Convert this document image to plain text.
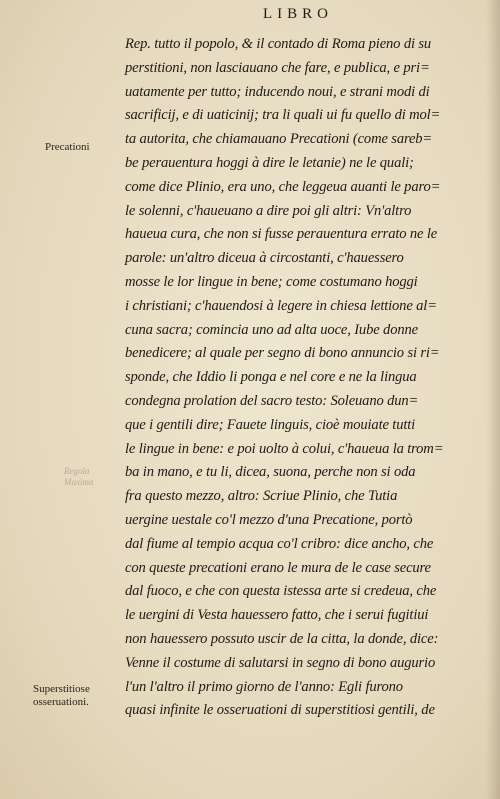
LIBRO
Precationi
Regola
Maxima
Superstitiose
osseruationi.
Rep. tutto il popolo, & il contado di Roma pieno di su
perstitioni, non lasciauano che fare, e publica, e pri=
uatamente per tutto; inducendo noui, e strani modi di
sacrificij, e di uaticinij; tra li quali ui fu quello di mol=
ta autorita, che chiamauano Precationi (come sareb=
be perauentura hoggi à dire le letanie) ne le quali;
come dice Plinio, era uno, che leggeua auanti le paro=
le solenni, c'haueuano a dire poi gli altri: Vn'altro
haueua cura, che non si fusse perauentura errato ne le
parole: un'altro diceua à circostanti, c'hauessero
mosse le lor lingue in bene; come costumano hoggi
i christiani; c'hauendosi à legere in chiesa lettione al=
cuna sacra; comincia uno ad alta uoce, Iube donne
benedicere; al quale per segno di bono annuncio si ri=
sponde, che Iddio li ponga e nel core e ne la lingua
condegna prolation del sacro testo: Soleuano dun=
que i gentili dire; Fauete linguis, cioè mouiate tutti
le lingue in bene: e poi uolto à colui, c'haueua la trom=
ba in mano, e tu li, dicea, suona, perche non si oda
fra questo mezzo, altro: Scriue Plinio, che Tutia
uergine uestale co'l mezzo d'una Precatione, portò
dal fiume al tempio acqua co'l cribro: dice ancho, che
con queste precationi erano le mura de le case secure
dal fuoco, e che con questa istessa arte si credeua, che
le uergini di Vesta hauessero fatto, che i serui fugitiui
non hauessero possuto uscir de la citta, la donde, dice:
Venne il costume di salutarsi in segno di bono augurio
l'un l'altro il primo giorno de l'anno: Egli furono
quasi infinite le osseruationi di superstitiosi gentili, de
